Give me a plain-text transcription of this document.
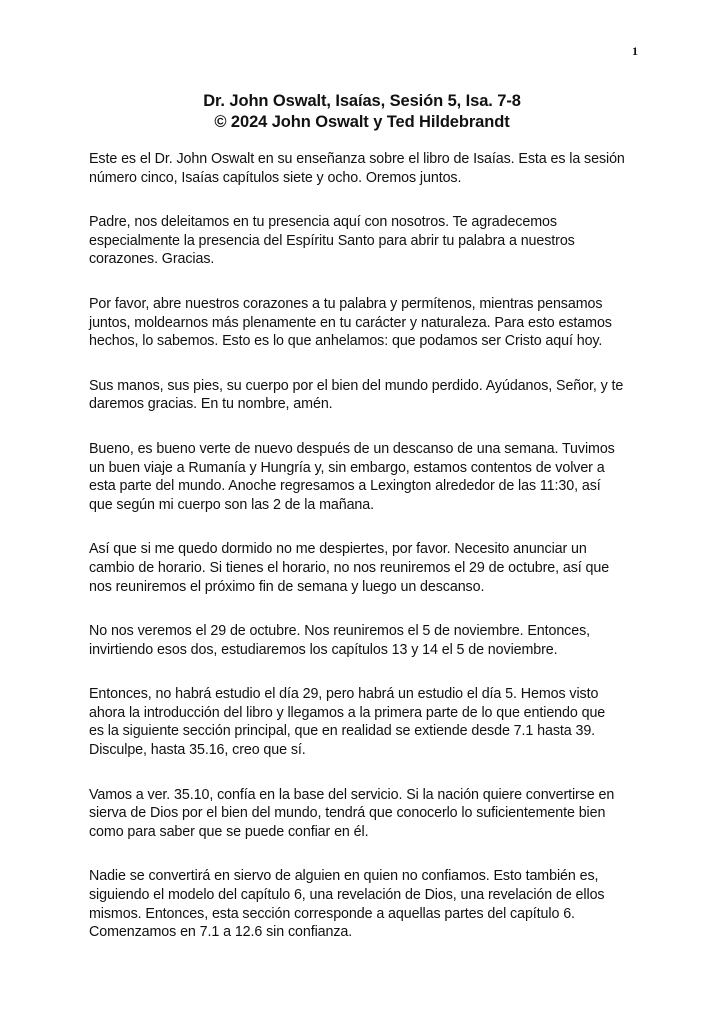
1
Dr. John Oswalt, Isaías, Sesión 5, Isa. 7-8
© 2024 John Oswalt y Ted Hildebrandt
Este es el Dr. John Oswalt en su enseñanza sobre el libro de Isaías. Esta es la sesión
número cinco, Isaías capítulos siete y ocho. Oremos juntos.
Padre, nos deleitamos en tu presencia aquí con nosotros. Te agradecemos
especialmente la presencia del Espíritu Santo para abrir tu palabra a nuestros
corazones. Gracias.
Por favor, abre nuestros corazones a tu palabra y permítenos, mientras pensamos
juntos, moldearnos más plenamente en tu carácter y naturaleza. Para esto estamos
hechos, lo sabemos. Esto es lo que anhelamos: que podamos ser Cristo aquí hoy.
Sus manos, sus pies, su cuerpo por el bien del mundo perdido. Ayúdanos, Señor, y te
daremos gracias. En tu nombre, amén.
Bueno, es bueno verte de nuevo después de un descanso de una semana. Tuvimos
un buen viaje a Rumanía y Hungría y, sin embargo, estamos contentos de volver a
esta parte del mundo. Anoche regresamos a Lexington alrededor de las 11:30, así
que según mi cuerpo son las 2 de la mañana.
Así que si me quedo dormido no me despiertes, por favor. Necesito anunciar un
cambio de horario. Si tienes el horario, no nos reuniremos el 29 de octubre, así que
nos reuniremos el próximo fin de semana y luego un descanso.
No nos veremos el 29 de octubre. Nos reuniremos el 5 de noviembre. Entonces,
invirtiendo esos dos, estudiaremos los capítulos 13 y 14 el 5 de noviembre.
Entonces, no habrá estudio el día 29, pero habrá un estudio el día 5. Hemos visto
ahora la introducción del libro y llegamos a la primera parte de lo que entiendo que
es la siguiente sección principal, que en realidad se extiende desde 7.1 hasta 39.
Disculpe, hasta 35.16, creo que sí.
Vamos a ver. 35.10, confía en la base del servicio. Si la nación quiere convertirse en
sierva de Dios por el bien del mundo, tendrá que conocerlo lo suficientemente bien
como para saber que se puede confiar en él.
Nadie se convertirá en siervo de alguien en quien no confiamos. Esto también es,
siguiendo el modelo del capítulo 6, una revelación de Dios, una revelación de ellos
mismos. Entonces, esta sección corresponde a aquellas partes del capítulo 6.
Comenzamos en 7.1 a 12.6 sin confianza.
